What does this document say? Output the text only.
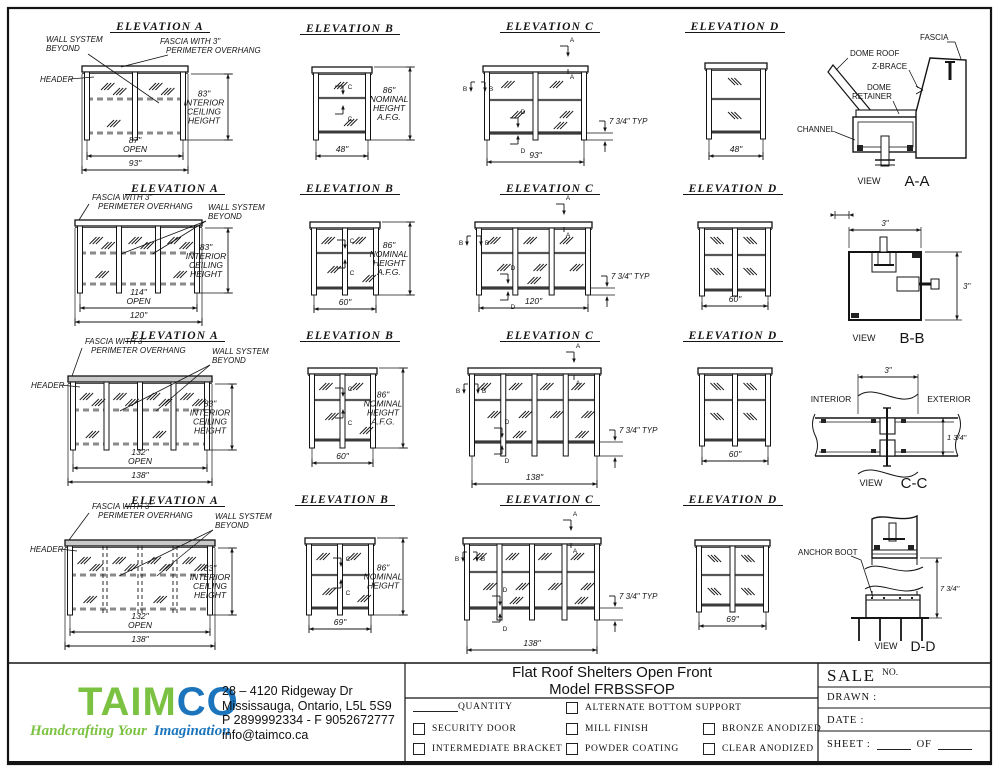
ELEVATION A
WALL SYSTEM
BEYOND
FASCIA WITH 3"
PERIMETER OVERHANG
HEADER
83"
INTERIOR
CEILING
HEIGHT
87"
OPEN
93"
ELEVATION A
FASCIA WITH 3"
PERIMETER OVERHANG WALL SYSTEM
BEYOND
83"
INTERIOR
CEILING
HEIGHT
114"
OPEN
120"
ELEVATION A
FASCIA WITH 3"
PERIMETER OVERHANG	WALL SYSTEM
BEYOND
HEADER
83"
INTERIOR
CEILING
HEIGHT
132"
OPEN
138"
ELEVATION A
FASCIA WITH 3"
PERIMETER OVERHANG	WALL SYSTEM
BEYOND
HEADER
83"
INTERIOR
CEILING
HEIGHT
132"
OPEN
138"
ELEVATION B
C
C
86"
NOMINAL
HEIGHT
A.F.G.
48"
ELEVATION B
C
C
86"
NOMINAL
HEIGHT
A.F.G.
60"
ELEVATION B
C
C
86"
NOMINAL
HEIGHT
A.F.G.
60"
ELEVATION B
C
C
86"
NOMINAL
HEIGHT
69"
ELEVATION C
A
A
B	B
D
D
7 3/4" TYP
93"
ELEVATION C
A
A
B	B
D
D
7 3/4" TYP
120"
ELEVATION C
A
A
B	B
D
D
7 3/4" TYP
138"
ELEVATION C
A
A
B	B
D
D
7 3/4" TYP
138"
ELEVATION D
48"
ELEVATION D
60"
ELEVATION D
60"
ELEVATION D
69"
FASCIA
DOME ROOF
Z-BRACE
DOME
RETAINER
CHANNEL
VIEW A-A
3"
3"
VIEW B-B
INTERIOR	EXTERIOR
3"
1 3/4"
VIEW C-C
7 3/4"
ANCHOR BOOT
VIEW D-D
TAIMCO
Handcrafting Your Imagination
28 – 4120 Ridgeway Dr
Mississauga, Ontario, L5L 5S9
P 2899992334 - F 9052672777
info@taimco.ca
Flat Roof Shelters Open Front
Model FRBSSFOP
QUANTITY	ALTERNATE BOTTOM SUPPORT
SECURITY DOOR	MILL FINISH	BRONZE ANODIZED
INTERMEDIATE BRACKET POWDER COATING	CLEAR ANODIZED
SALE NO.
DRAWN :
DATE :
SHEET :	OF
